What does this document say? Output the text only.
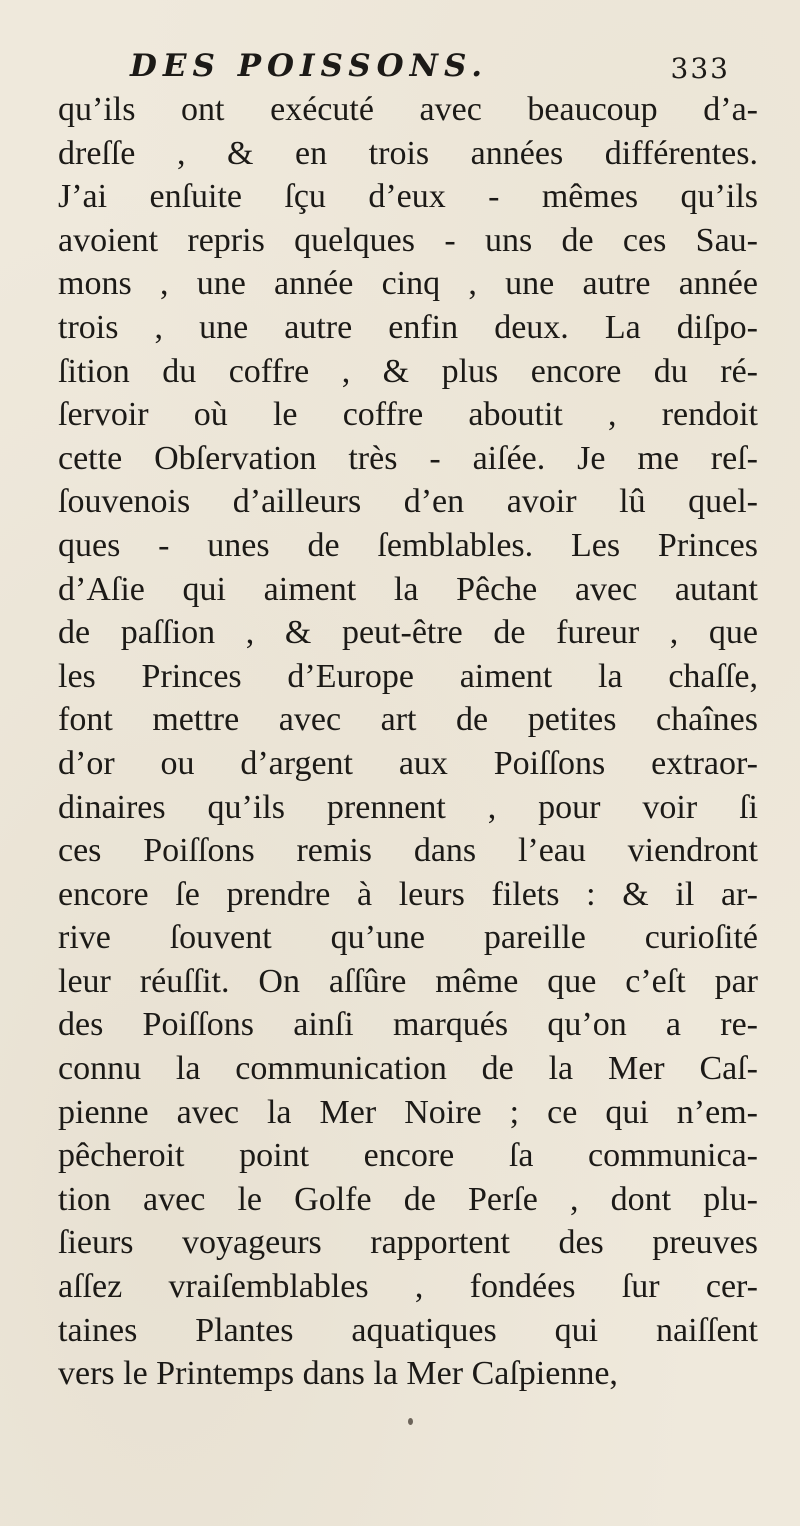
DES POISSONS.	333
qu’ils ont exécuté avec beaucoup d’a-
dreſſe , & en trois années différentes.
J’ai enſuite ſçu d’eux - mêmes qu’ils
avoient repris quelques - uns de ces Sau-
mons , une année cinq , une autre année
trois , une autre enfin deux. La diſpo-
ſition du coffre , & plus encore du ré-
ſervoir où le coffre aboutit , rendoit
cette Obſervation très - aiſée. Je me reſ-
ſouvenois d’ailleurs d’en avoir lû quel-
ques - unes de ſemblables. Les Princes
d’Aſie qui aiment la Pêche avec autant
de paſſion , & peut-être de fureur , que
les Princes d’Europe aiment la chaſſe,
font mettre avec art de petites chaînes
d’or ou d’argent aux Poiſſons extraor-
dinaires qu’ils prennent , pour voir ſi
ces Poiſſons remis dans l’eau viendront
encore ſe prendre à leurs filets : & il ar-
rive ſouvent qu’une pareille curioſité
leur réuſſit. On aſſûre même que c’eſt par
des Poiſſons ainſi marqués qu’on a re-
connu la communication de la Mer Caſ-
pienne avec la Mer Noire ; ce qui n’em-
pêcheroit point encore ſa communica-
tion avec le Golfe de Perſe , dont plu-
ſieurs voyageurs rapportent des preuves
aſſez vraiſemblables , fondées ſur cer-
taines Plantes aquatiques qui naiſſent
vers le Printemps dans la Mer Caſpienne,
